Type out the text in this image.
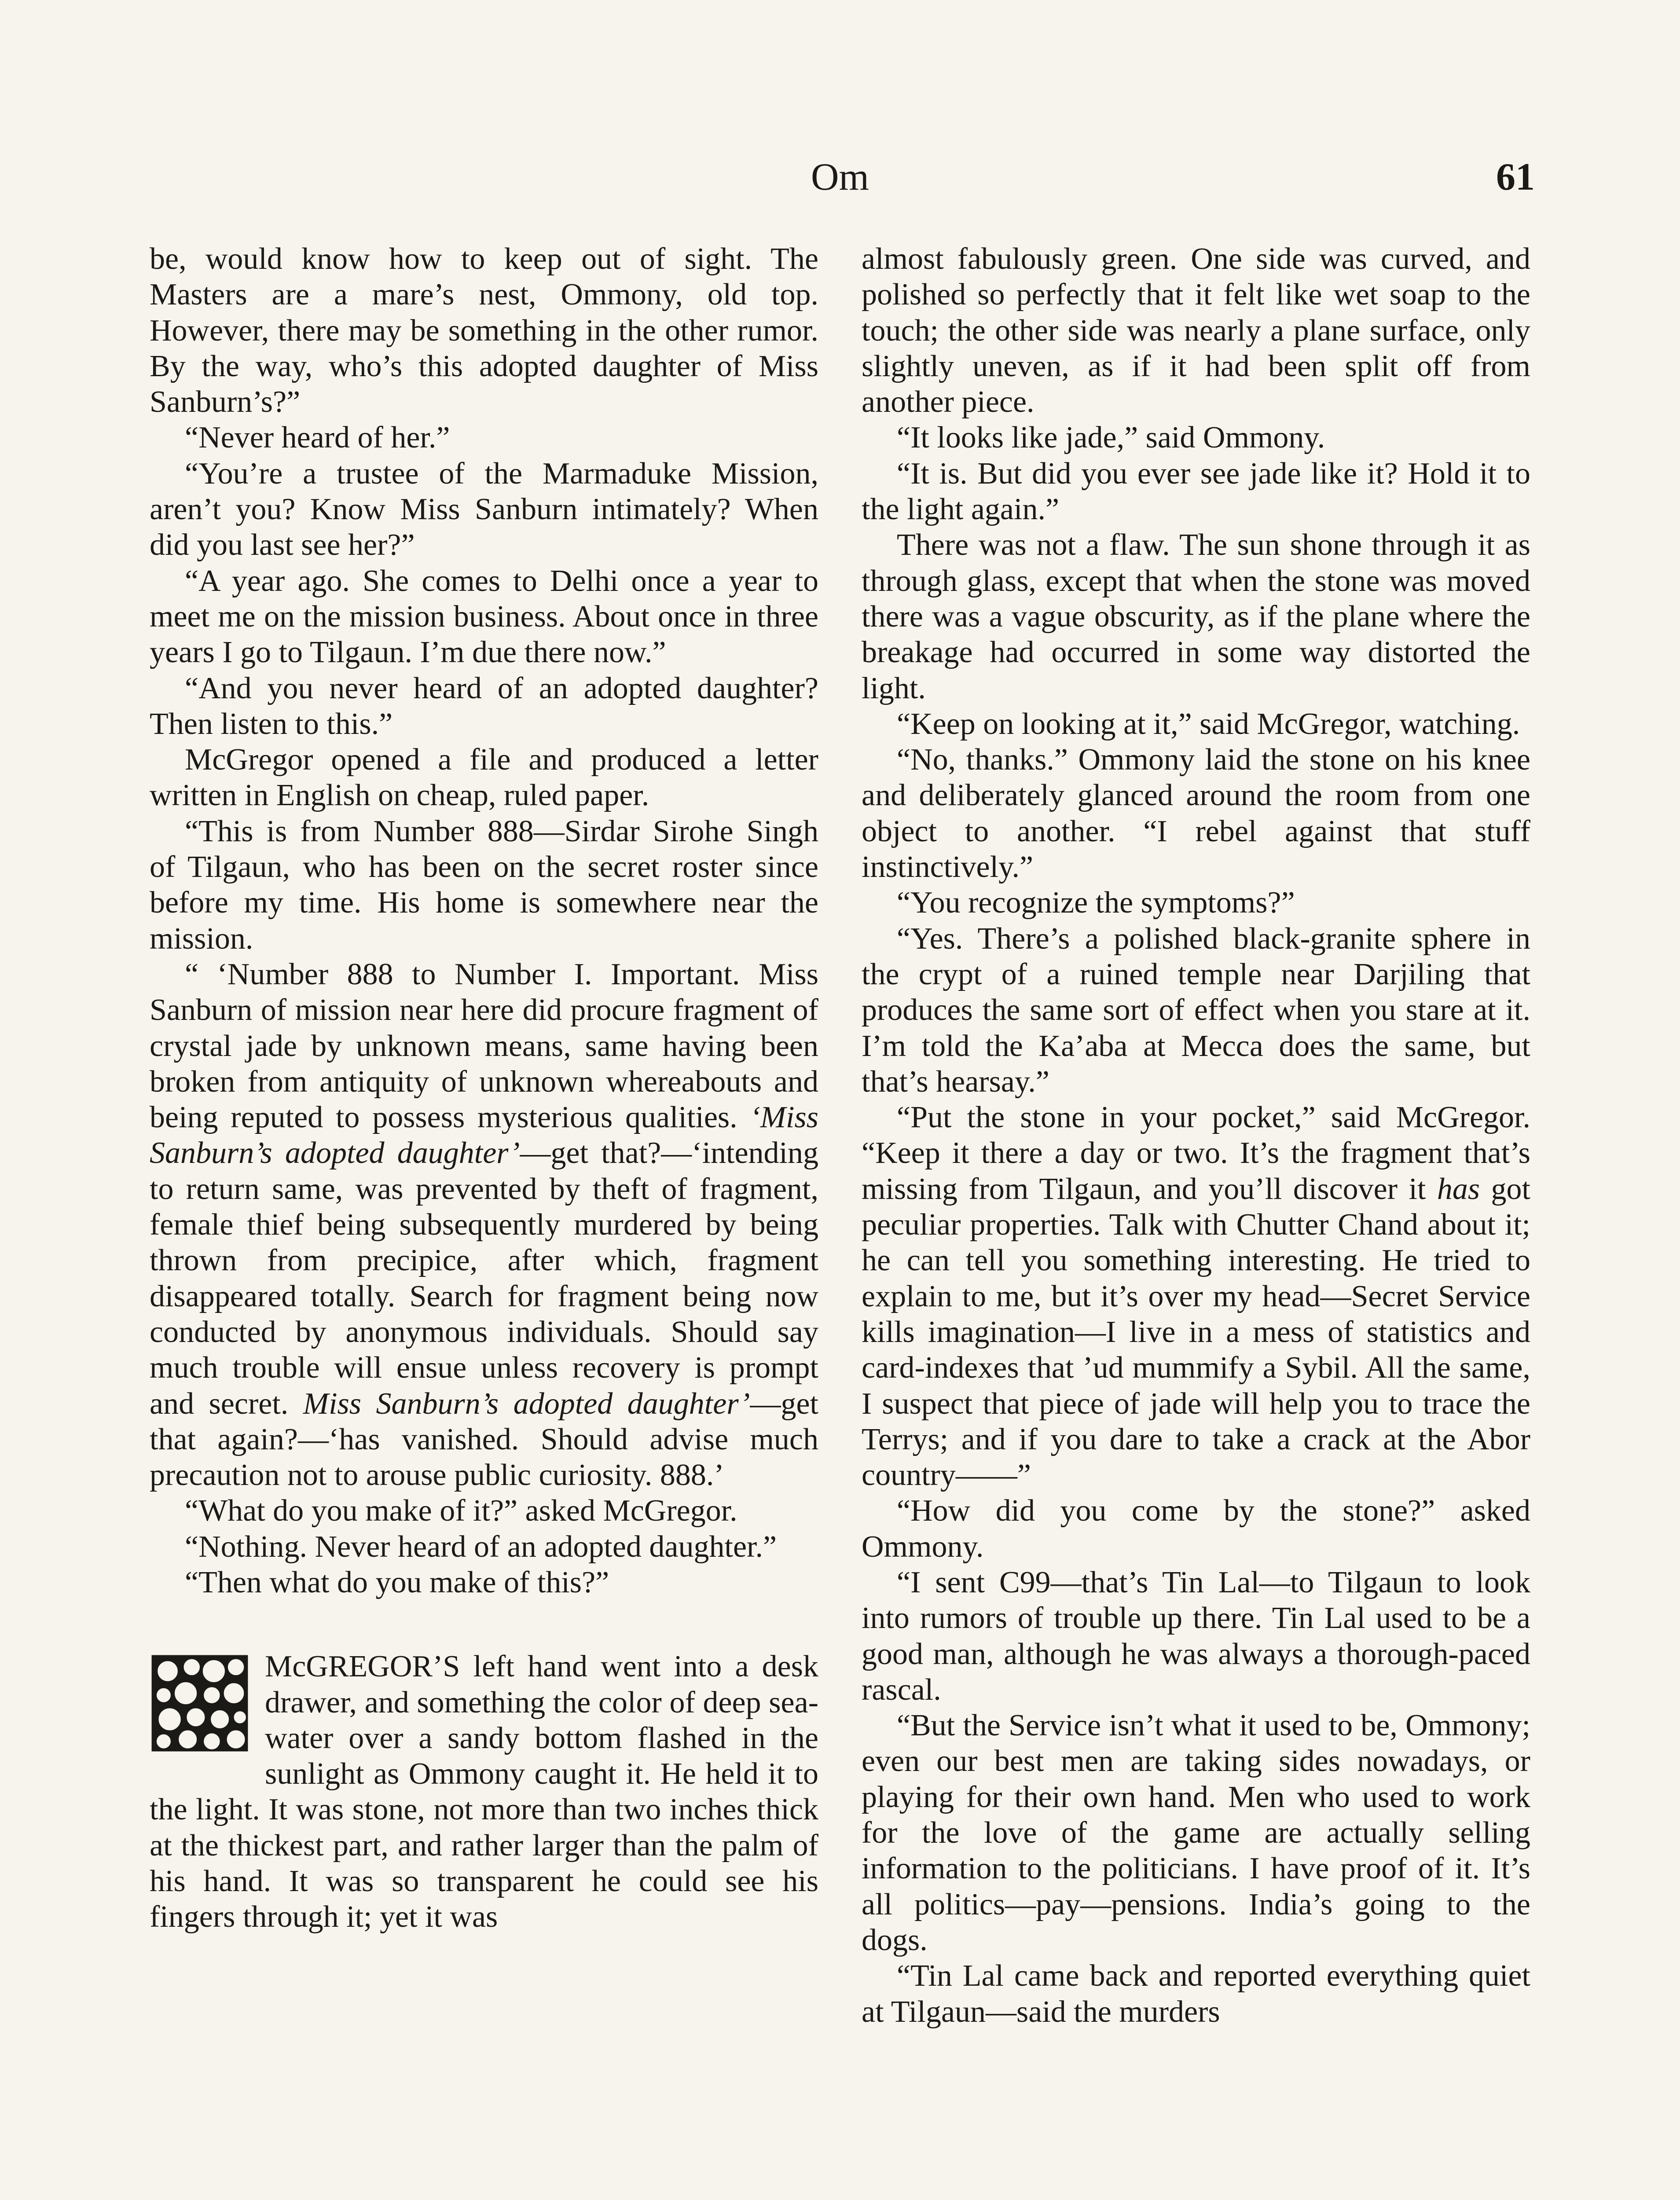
Om	61

be, would know how to keep out of sight. The Masters are a mare’s nest, Ommony, old top. However, there may be something in the other rumor. By the way, who’s this adopted daughter of Miss Sanburn’s?”

“Never heard of her.”

“You’re a trustee of the Marmaduke Mission, aren’t you? Know Miss Sanburn intimately? When did you last see her?”

“A year ago. She comes to Delhi once a year to meet me on the mission business. About once in three years I go to Tilgaun. I’m due there now.”

“And you never heard of an adopted daughter? Then listen to this.”

McGregor opened a file and produced a letter written in English on cheap, ruled paper.

“This is from Number 888—Sirdar Sirohe Singh of Tilgaun, who has been on the secret roster since before my time. His home is somewhere near the mission.

“ ‘Number 888 to Number I. Important. Miss Sanburn of mission near here did procure fragment of crystal jade by unknown means, same having been broken from antiquity of unknown whereabouts and being reputed to possess mysterious qualities. ‘Miss Sanburn’s adopted daughter’—get that?—‘intending to return same, was prevented by theft of fragment, female thief being subsequently murdered by being thrown from precipice, after which, fragment disappeared totally. Search for fragment being now conducted by anonymous individuals. Should say much trouble will ensue unless recovery is prompt and secret. Miss Sanburn’s adopted daughter’—get that again?—‘has vanished. Should advise much precaution not to arouse public curiosity. 888.’

“What do you make of it?” asked McGregor.

“Nothing. Never heard of an adopted daughter.”

“Then what do you make of this?”

McGREGOR’S left hand went into a desk drawer, and something the color of deep sea-water over a sandy bottom flashed in the sunlight as Ommony caught it. He held it to the light. It was stone, not more than two inches thick at the thickest part, and rather larger than the palm of his hand. It was so transparent he could see his fingers through it; yet it was

almost fabulously green. One side was curved, and polished so perfectly that it felt like wet soap to the touch; the other side was nearly a plane surface, only slightly uneven, as if it had been split off from another piece.

“It looks like jade,” said Ommony.

“It is. But did you ever see jade like it? Hold it to the light again.”

There was not a flaw. The sun shone through it as through glass, except that when the stone was moved there was a vague obscurity, as if the plane where the breakage had occurred in some way distorted the light.

“Keep on looking at it,” said McGregor, watching.

“No, thanks.” Ommony laid the stone on his knee and deliberately glanced around the room from one object to another. “I rebel against that stuff instinctively.”

“You recognize the symptoms?”

“Yes. There’s a polished black-granite sphere in the crypt of a ruined temple near Darjiling that produces the same sort of effect when you stare at it. I’m told the Ka’aba at Mecca does the same, but that’s hearsay.”

“Put the stone in your pocket,” said McGregor. “Keep it there a day or two. It’s the fragment that’s missing from Tilgaun, and you’ll discover it has got peculiar properties. Talk with Chutter Chand about it; he can tell you something interesting. He tried to explain to me, but it’s over my head—Secret Service kills imagination—I live in a mess of statistics and card-indexes that ’ud mummify a Sybil. All the same, I suspect that piece of jade will help you to trace the Terrys; and if you dare to take a crack at the Abor country——”

“How did you come by the stone?” asked Ommony.

“I sent C99—that’s Tin Lal—to Tilgaun to look into rumors of trouble up there. Tin Lal used to be a good man, although he was always a thorough-paced rascal.

“But the Service isn’t what it used to be, Ommony; even our best men are taking sides nowadays, or playing for their own hand. Men who used to work for the love of the game are actually selling information to the politicians. I have proof of it. It’s all politics—pay—pensions. India’s going to the dogs.

“Tin Lal came back and reported everything quiet at Tilgaun—said the murders
